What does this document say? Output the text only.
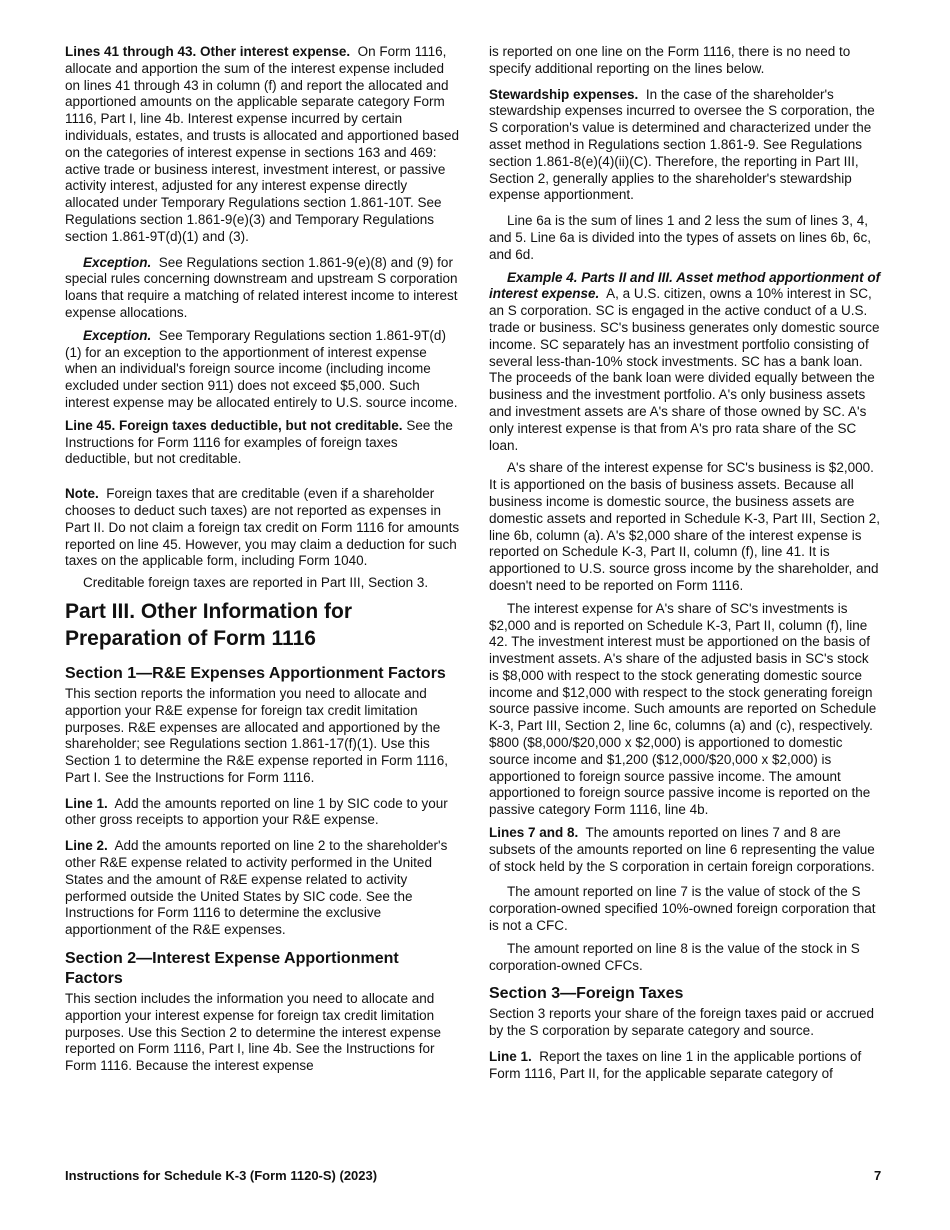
Lines 41 through 43. Other interest expense. On Form 1116, allocate and apportion the sum of the interest expense included on lines 41 through 43 in column (f) and report the allocated and apportioned amounts on the applicable separate category Form 1116, Part I, line 4b. Interest expense incurred by certain individuals, estates, and trusts is allocated and apportioned based on the categories of interest expense in sections 163 and 469: active trade or business interest, investment interest, or passive activity interest, adjusted for any interest expense directly allocated under Temporary Regulations section 1.861-10T. See Regulations section 1.861-9(e)(3) and Temporary Regulations section 1.861-9T(d)(1) and (3).

Exception. See Regulations section 1.861-9(e)(8) and (9) for special rules concerning downstream and upstream S corporation loans that require a matching of related interest income to interest expense allocations.

Exception. See Temporary Regulations section 1.861-9T(d)(1) for an exception to the apportionment of interest expense when an individual's foreign source income (including income excluded under section 911) does not exceed $5,000. Such interest expense may be allocated entirely to U.S. source income.

Line 45. Foreign taxes deductible, but not creditable. See the Instructions for Form 1116 for examples of foreign taxes deductible, but not creditable.

Note. Foreign taxes that are creditable (even if a shareholder chooses to deduct such taxes) are not reported as expenses in Part II. Do not claim a foreign tax credit on Form 1116 for amounts reported on line 45. However, you may claim a deduction for such taxes on the applicable form, including Form 1040.

Creditable foreign taxes are reported in Part III, Section 3.

Part III. Other Information for Preparation of Form 1116
Section 1—R&E Expenses Apportionment Factors

This section reports the information you need to allocate and apportion your R&E expense for foreign tax credit limitation purposes. R&E expenses are allocated and apportioned by the shareholder; see Regulations section 1.861-17(f)(1). Use this Section 1 to determine the R&E expense reported in Form 1116, Part I. See the Instructions for Form 1116.

Line 1. Add the amounts reported on line 1 by SIC code to your other gross receipts to apportion your R&E expense.

Line 2. Add the amounts reported on line 2 to the shareholder's other R&E expense related to activity performed in the United States and the amount of R&E expense related to activity performed outside the United States by SIC code. See the Instructions for Form 1116 to determine the exclusive apportionment of the R&E expenses.

Section 2—Interest Expense Apportionment Factors

This section includes the information you need to allocate and apportion your interest expense for foreign tax credit limitation purposes. Use this Section 2 to determine the interest expense reported on Form 1116, Part I, line 4b. See the Instructions for Form 1116. Because the interest expense

is reported on one line on the Form 1116, there is no need to specify additional reporting on the lines below.

Stewardship expenses. In the case of the shareholder's stewardship expenses incurred to oversee the S corporation, the S corporation's value is determined and characterized under the asset method in Regulations section 1.861-9. See Regulations section 1.861-8(e)(4)(ii)(C). Therefore, the reporting in Part III, Section 2, generally applies to the shareholder's stewardship expense apportionment.

Line 6a is the sum of lines 1 and 2 less the sum of lines 3, 4, and 5. Line 6a is divided into the types of assets on lines 6b, 6c, and 6d.

Example 4. Parts II and III. Asset method apportionment of interest expense. A, a U.S. citizen, owns a 10% interest in SC, an S corporation. SC is engaged in the active conduct of a U.S. trade or business. SC's business generates only domestic source income. SC separately has an investment portfolio consisting of several less-than-10% stock investments. SC has a bank loan. The proceeds of the bank loan were divided equally between the business and the investment portfolio. A's only business assets and investment assets are A's share of those owned by SC. A's only interest expense is that from A's pro rata share of the SC loan.

A's share of the interest expense for SC's business is $2,000. It is apportioned on the basis of business assets. Because all business income is domestic source, the business assets are domestic assets and reported in Schedule K-3, Part III, Section 2, line 6b, column (a). A's $2,000 share of the interest expense is reported on Schedule K-3, Part II, column (f), line 41. It is apportioned to U.S. source gross income by the shareholder, and doesn't need to be reported on Form 1116.

The interest expense for A's share of SC's investments is $2,000 and is reported on Schedule K-3, Part II, column (f), line 42. The investment interest must be apportioned on the basis of investment assets. A's share of the adjusted basis in SC's stock is $8,000 with respect to the stock generating domestic source income and $12,000 with respect to the stock generating foreign source passive income. Such amounts are reported on Schedule K-3, Part III, Section 2, line 6c, columns (a) and (c), respectively. $800 ($8,000/$20,000 x $2,000) is apportioned to domestic source income and $1,200 ($12,000/$20,000 x $2,000) is apportioned to foreign source passive income. The amount apportioned to foreign source passive income is reported on the passive category Form 1116, line 4b.

Lines 7 and 8. The amounts reported on lines 7 and 8 are subsets of the amounts reported on line 6 representing the value of stock held by the S corporation in certain foreign corporations.

The amount reported on line 7 is the value of stock of the S corporation-owned specified 10%-owned foreign corporation that is not a CFC.

The amount reported on line 8 is the value of the stock in S corporation-owned CFCs.

Section 3—Foreign Taxes

Section 3 reports your share of the foreign taxes paid or accrued by the S corporation by separate category and source.

Line 1. Report the taxes on line 1 in the applicable portions of Form 1116, Part II, for the applicable separate category of

Instructions for Schedule K-3 (Form 1120-S) (2023)	7
